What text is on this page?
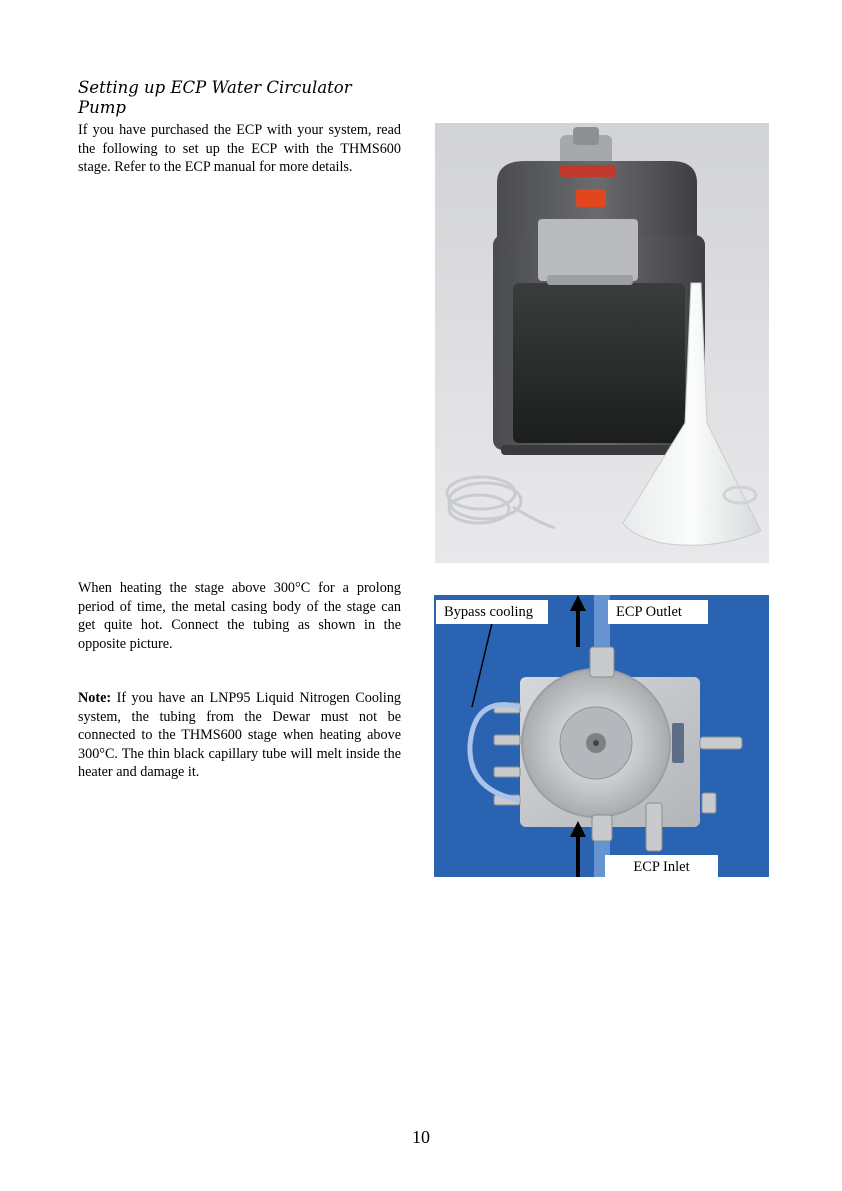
Setting up ECP Water Circulator Pump

If you have purchased the ECP with your system, read the following to set up the ECP with the THMS600 stage. Refer to the ECP manual for more details.

When heating the stage above 300°C for a prolong period of time, the metal casing body of the stage can get quite hot. Connect the tubing as shown in the opposite picture.

Note: If you have an LNP95 Liquid Nitrogen Cooling system, the tubing from the Dewar must not be connected to the THMS600 stage when heating above 300°C. The thin black capillary tube will melt inside the heater and damage it.

Bypass cooling	ECP Outlet
ECP Inlet
10
